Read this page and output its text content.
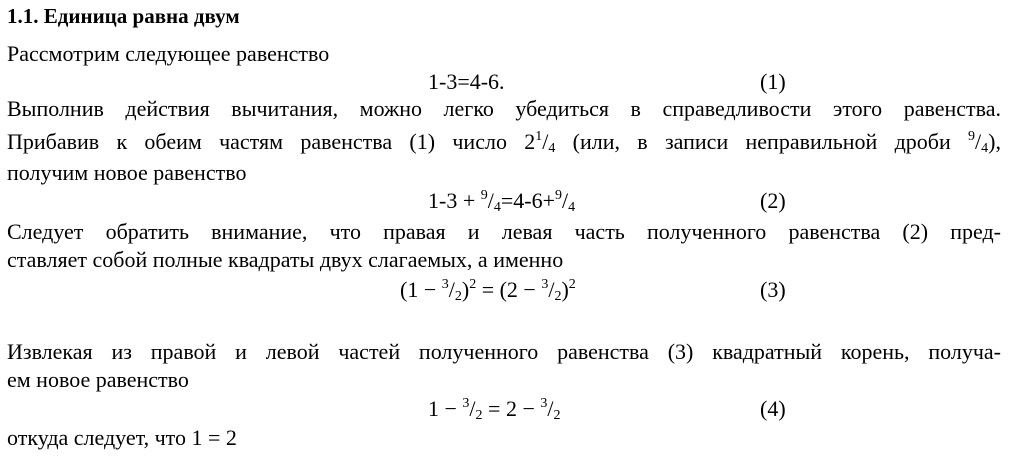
1.1. Единица равна двум
Рассмотрим следующее равенство
1-3=4-6.	(1)
Выполнив действия вычитания, можно легко убедиться в справедливости этого равенства.
Прибавив к обеим частям равенства (1) число $2^1/_4$ (или, в записи неправильной дроби $^9/_4$),
получим новое равенство
$1-3 + ^9/_4=4-6+^9/_4$	(2)
Следует обратить внимание, что правая и левая часть полученного равенства (2) пред-
ставляет собой полные квадраты двух слагаемых, а именно
$(1 - ^3/_2)^2 = (2 - ^3/_2)^2$	(3)
Извлекая из правой и левой частей полученного равенства (3) квадратный корень, получа-
ем новое равенство
$1 - ^3/_2 = 2 - ^3/_2$	(4)
откуда следует, что 1 = 2
